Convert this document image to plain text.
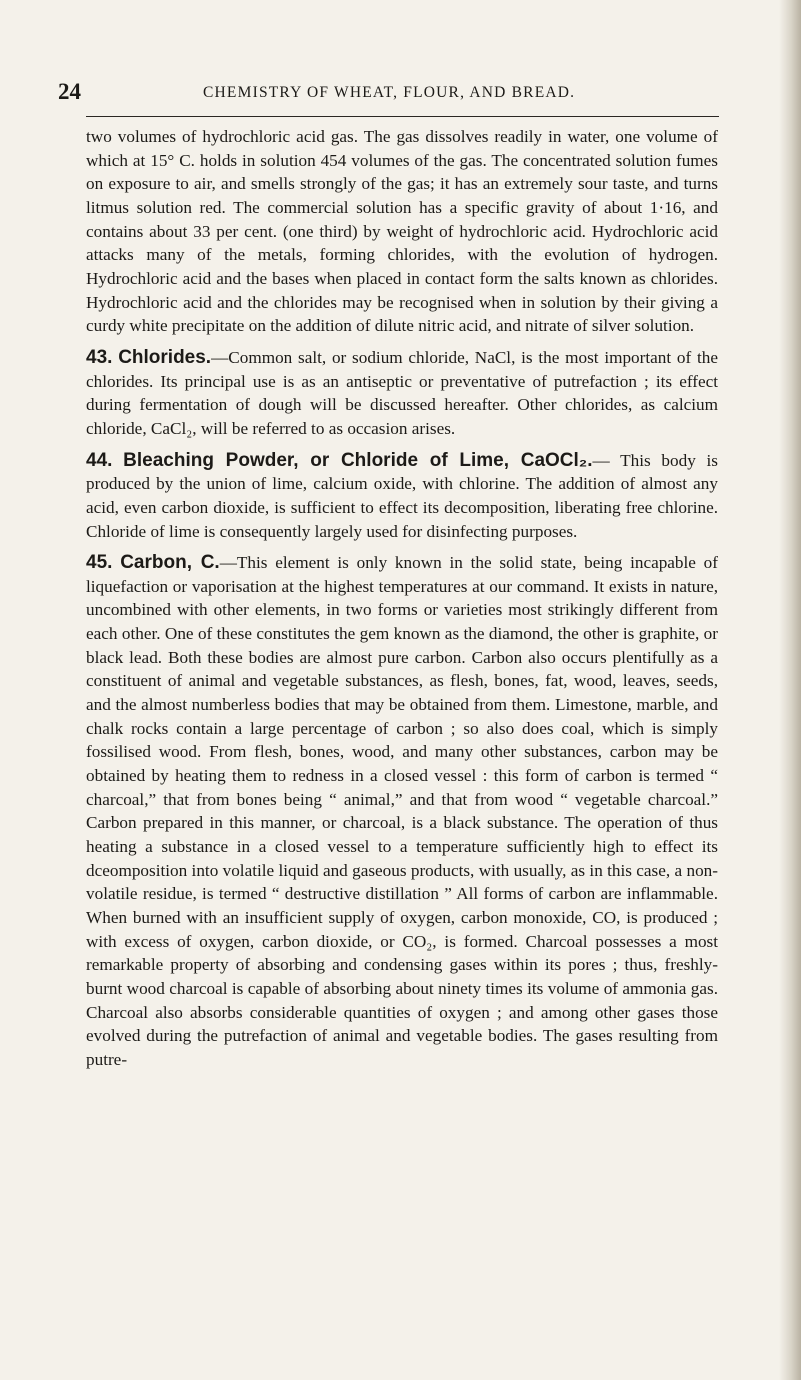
24	CHEMISTRY OF WHEAT, FLOUR, AND BREAD.

two volumes of hydrochloric acid gas. The gas dissolves readily in water, one volume of which at 15° C. holds in solution 454 volumes of the gas. The concentrated solution fumes on exposure to air, and smells strongly of the gas; it has an extremely sour taste, and turns litmus solution red. The commercial solution has a specific gravity of about 1·16, and contains about 33 per cent. (one third) by weight of hydrochloric acid. Hydrochloric acid attacks many of the metals, forming chlorides, with the evolution of hydrogen. Hydrochloric acid and the bases when placed in contact form the salts known as chlorides. Hydrochloric acid and the chlorides may be recognised when in solution by their giving a curdy white precipitate on the addition of dilute nitric acid, and nitrate of silver solution.

43. Chlorides.—Common salt, or sodium chloride, NaCl, is the most important of the chlorides. Its principal use is as an antiseptic or preventative of putrefaction ; its effect during fermentation of dough will be discussed hereafter. Other chlorides, as calcium chloride, CaCl₂, will be referred to as occasion arises.

44. Bleaching Powder, or Chloride of Lime, CaOCl₂.— This body is produced by the union of lime, calcium oxide, with chlorine. The addition of almost any acid, even carbon dioxide, is sufficient to effect its decomposition, liberating free chlorine. Chloride of lime is consequently largely used for disinfecting purposes.

45. Carbon, C.—This element is only known in the solid state, being incapable of liquefaction or vaporisation at the highest temperatures at our command. It exists in nature, uncombined with other elements, in two forms or varieties most strikingly different from each other. One of these constitutes the gem known as the diamond, the other is graphite, or black lead. Both these bodies are almost pure carbon. Carbon also occurs plentifully as a constituent of animal and vegetable substances, as flesh, bones, fat, wood, leaves, seeds, and the almost numberless bodies that may be obtained from them. Limestone, marble, and chalk rocks contain a large percentage of carbon ; so also does coal, which is simply fossilised wood. From flesh, bones, wood, and many other substances, carbon may be obtained by heating them to redness in a closed vessel : this form of carbon is termed “ charcoal,” that from bones being “ animal,” and that from wood “ vegetable charcoal.” Carbon prepared in this manner, or charcoal, is a black substance. The operation of thus heating a substance in a closed vessel to a temperature sufficiently high to effect its dceomposition into volatile liquid and gaseous products, with usually, as in this case, a non-volatile residue, is termed “ destructive distillation ” All forms of carbon are inflammable. When burned with an insufficient supply of oxygen, carbon monoxide, CO, is produced ; with excess of oxygen, carbon dioxide, or CO₂, is formed. Charcoal possesses a most remarkable property of absorbing and condensing gases within its pores ; thus, freshly-burnt wood charcoal is capable of absorbing about ninety times its volume of ammonia gas. Charcoal also absorbs considerable quantities of oxygen ; and among other gases those evolved during the putrefaction of animal and vegetable bodies. The gases resulting from putre-
